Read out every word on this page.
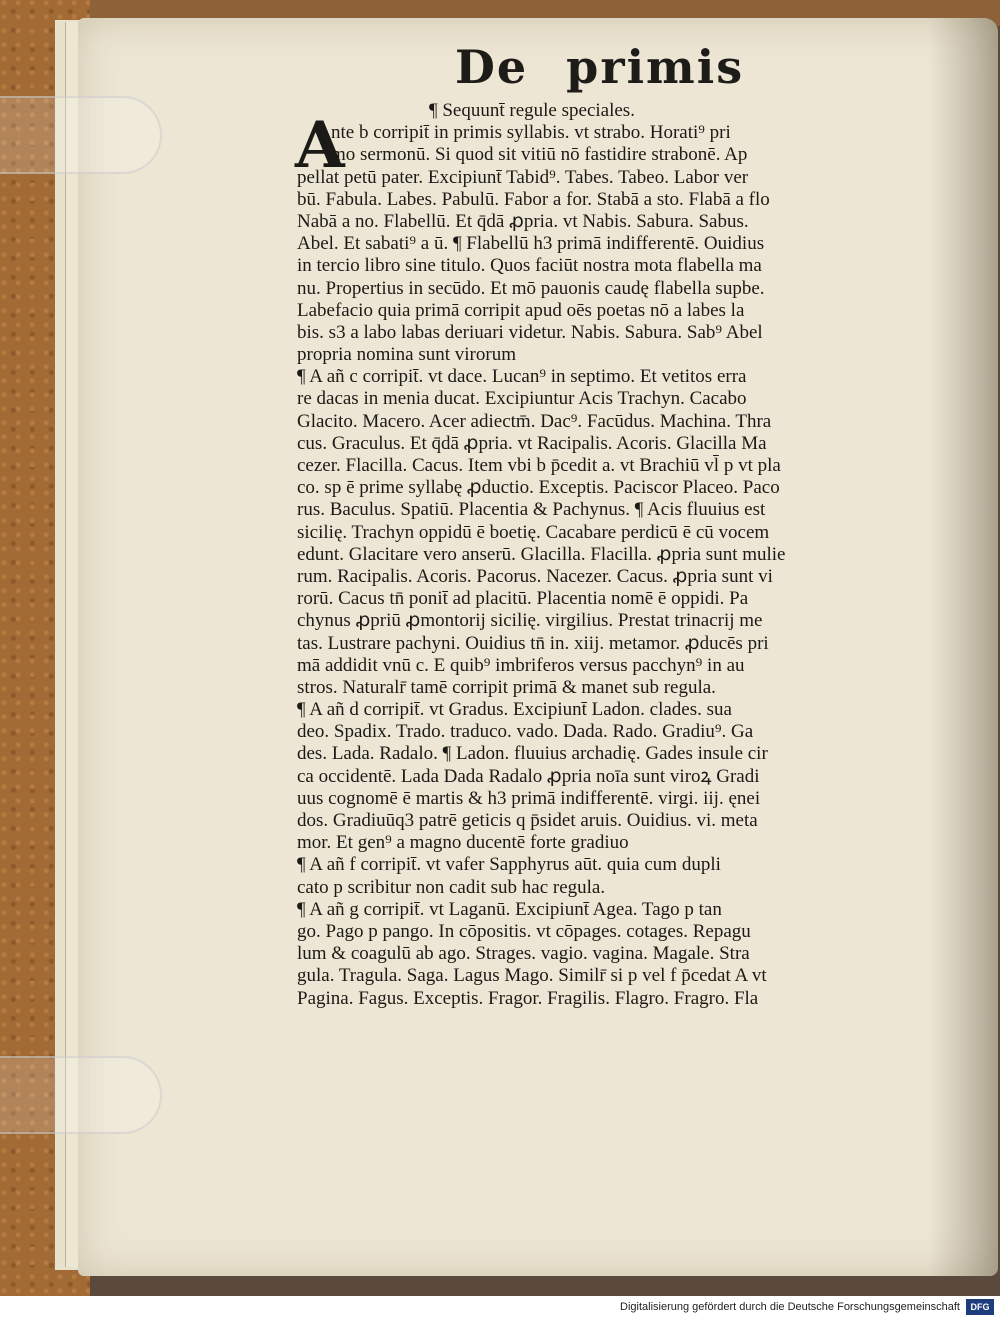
De primis
¶ Sequunt̄ regule speciales.
nte b corripit̄ in primis syllabis. vt strabo. Horati⁹ pri
mo sermonū. Si quod sit vitiū nō fastidire strabonē. Ap
pellat petū pater. Excipiunt̄ Tabid⁹. Tabes. Tabeo. Labor ver
bū. Fabula. Labes. Pabulū. Fabor a for. Stabā a sto. Flabā a flo
Nabā a no. Flabellū. Et q̄dā ꝓpria. vt Nabis. Sabura. Sabus.
Abel. Et sabati⁹ a ū. ¶ Flabellū h3 primā indifferentē. Ouidius
in tercio libro sine titulo. Quos faciūt nostra mota flabella ma
nu. Propertius in secūdo. Et mō pauonis caudę flabella supbe.
Labefacio quia primā corripit apud oēs poetas nō a labes la
bis. s3 a labo labas deriuari videtur. Nabis. Sabura. Sab⁹ Abel
propria nomina sunt virorum
¶ A añ c corripit̄. vt dace. Lucan⁹ in septimo. Et vetitos erra
re dacas in menia ducat. Excipiuntur Acis Trachyn. Cacabo
Glacito. Macero. Acer adiectm̄. Dac⁹. Facūdus. Machina. Thra
cus. Graculus. Et q̄dā ꝓpria. vt Racipalis. Acoris. Glacilla Ma
cezer. Flacilla. Cacus. Item vbi b p̄cedit a. vt Brachiū vl̄ p vt pla
co. sp ē prime syllabę ꝓductio. Exceptis. Paciscor Placeo. Paco
rus. Baculus. Spatiū. Placentia & Pachynus. ¶ Acis fluuius est
sicilię. Trachyn oppidū ē boetię. Cacabare perdicū ē cū vocem
edunt. Glacitare vero anserū. Glacilla. Flacilla. ꝓpria sunt mulie
rum. Racipalis. Acoris. Pacorus. Nacezer. Cacus. ꝓpria sunt vi
rorū. Cacus tn̄ ponit̄ ad placitū. Placentia nomē ē oppidi. Pa
chynus ꝓpriū ꝓmontorij sicilię. virgilius. Prestat trinacrij me
tas. Lustrare pachyni. Ouidius tn̄ in. xiij. metamor. ꝓducēs pri
mā addidit vnū c. E quib⁹ imbriferos versus pacchyn⁹ in au
stros. Naturalr̄ tamē corripit primā & manet sub regula.
¶ A añ d corripit̄. vt Gradus. Excipiunt̄ Ladon. clades. sua
deo. Spadix. Trado. traduco. vado. Dada. Rado. Gradiu⁹. Ga
des. Lada. Radalo. ¶ Ladon. fluuius archadię. Gades insule cir
ca occidentē. Lada Dada Radalo ꝓpria noīa sunt viroꝝ Gradi
uus cognomē ē martis & h3 primā indifferentē. virgi. iij. ęnei
dos. Gradiuūq3 patrē geticis q p̄sidet aruis. Ouidius. vi. meta
mor. Et gen⁹ a magno ducentē forte gradiuo
¶ A añ f corripit̄. vt vafer Sapphyrus aūt. quia cum dupli
cato p scribitur non cadit sub hac regula.
¶ A añ g corripit̄. vt Laganū. Excipiunt̄ Agea. Tago p tan
go. Pago p pango. In cōpositis. vt cōpages. cotages. Repagu
lum & coagulū ab ago. Strages. vagio. vagina. Magale. Stra
gula. Tragula. Saga. Lagus Mago. Similr̄ si p vel f p̄cedat A vt
Pagina. Fagus. Exceptis. Fragor. Fragilis. Flagro. Fragro. Fla
A
Digitalisierung gefördert durch die Deutsche Forschungsgemeinschaft	DFG
